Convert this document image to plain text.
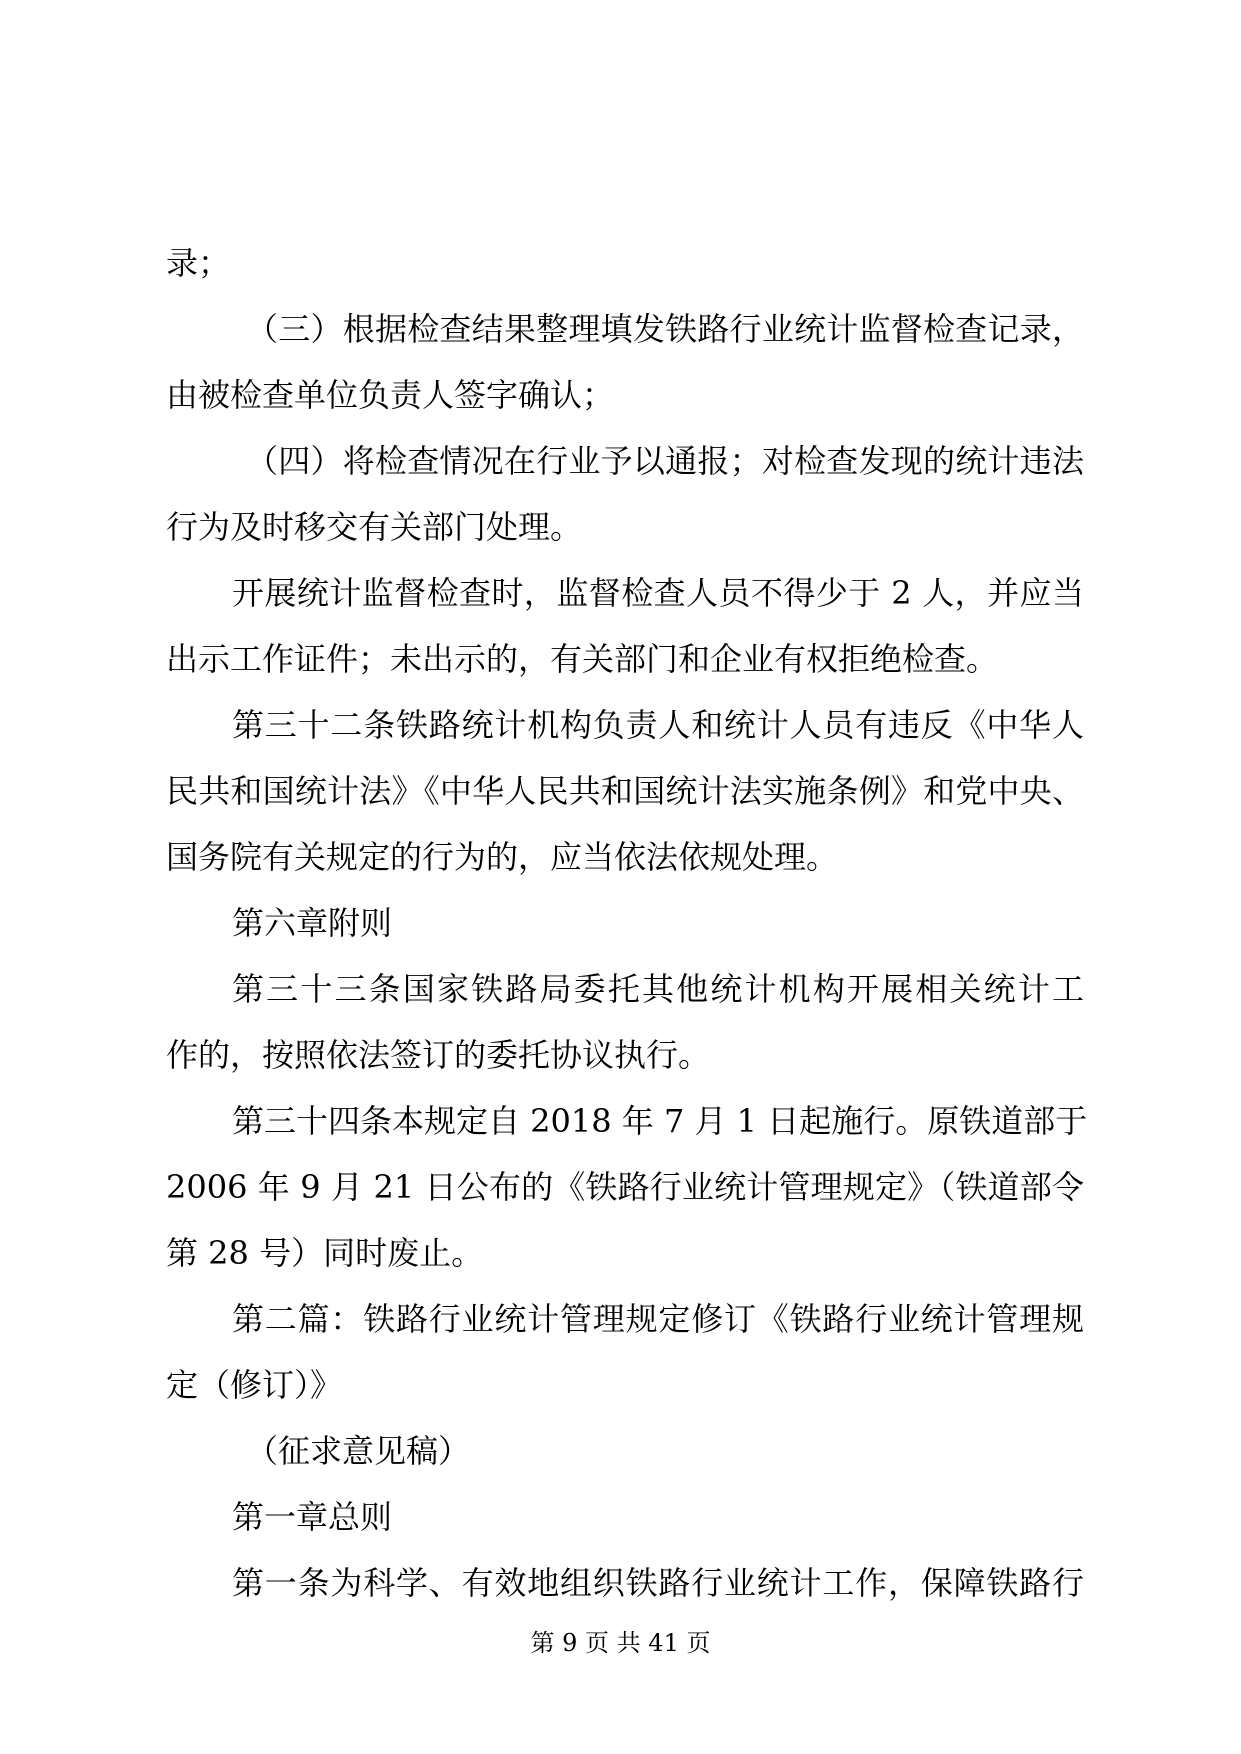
录；
（三）根据检查结果整理填发铁路行业统计监督检查记录，
由被检查单位负责人签字确认；
（四）将检查情况在行业予以通报；对检查发现的统计违法
行为及时移交有关部门处理。
开展统计监督检查时，监督检查人员不得少于 2 人，并应当
出示工作证件；未出示的，有关部门和企业有权拒绝检查。
第三十二条铁路统计机构负责人和统计人员有违反《中华人
民共和国统计法》《中华人民共和国统计法实施条例》和党中央、
国务院有关规定的行为的，应当依法依规处理。
第六章附则
第三十三条国家铁路局委托其他统计机构开展相关统计工
作的，按照依法签订的委托协议执行。
第三十四条本规定自 2018 年 7 月 1 日起施行。原铁道部于
2006 年 9 月 21 日公布的《铁路行业统计管理规定》（铁道部令
第 28 号）同时废止。
第二篇：铁路行业统计管理规定修订《铁路行业统计管理规
定（修订）》
（征求意见稿）
第一章总则
第一条为科学、有效地组织铁路行业统计工作，保障铁路行
第 9 页 共 41 页
